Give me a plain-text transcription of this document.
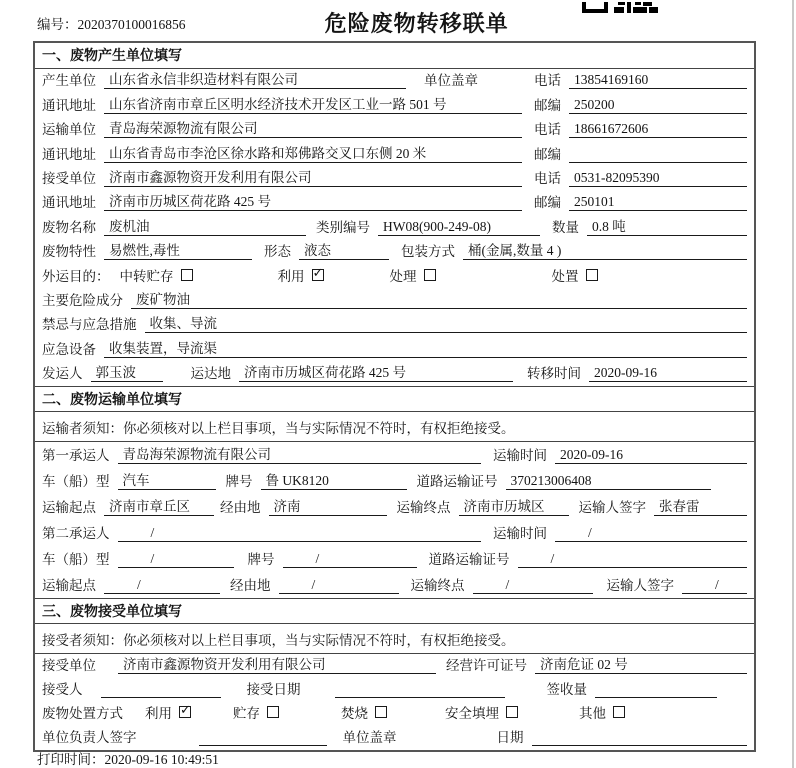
编号：2020370100016856	危险废物转移联单
一、废物产生单位填写
产生单位 山东省永信非织造材料有限公司	单位盖章	电话 13854169160
通讯地址 山东省济南市章丘区明水经济技术开发区工业一路 501 号	邮编 250200
运输单位 青岛海荣源物流有限公司	电话 18661672606
通讯地址 山东省青岛市李沧区徐水路和郑佛路交叉口东侧 20 米	邮编
接受单位 济南市鑫源物资开发利用有限公司	电话 0531-82095390
通讯地址 济南市历城区荷花路 425 号	邮编 250101
废物名称 废机油	类别编号 HW08(900-249-08)	数量 0.8 吨
废物特性 易燃性,毒性	形态 液态	包装方式 桶(金属,数量 4 )
外运目的： 中转贮存	利用 ✓	处理	处置
主要危险成分 废矿物油
禁忌与应急措施 收集、导流
应急设备 收集装置，导流渠
发运人 郭玉波	运达地 济南市历城区荷花路 425 号	转移时间 2020-09-16
二、废物运输单位填写
运输者须知：你必须核对以上栏目事项，当与实际情况不符时，有权拒绝接受。
第一承运人 青岛海荣源物流有限公司	运输时间 2020-09-16
车（船）型 汽车	牌号 鲁 UK8120	道路运输证号 370213006408
运输起点 济南市章丘区	经由地 济南	运输终点 济南市历城区	运输人签字 张春雷
第二承运人	/	运输时间	/
车（船）型	/	牌号	/	道路运输证号	/
运输起点	/	经由地	/	运输终点	/	运输人签字	/
三、废物接受单位填写
接受者须知：你必须核对以上栏目事项，当与实际情况不符时，有权拒绝接受。
接受单位	济南市鑫源物资开发利用有限公司	经营许可证号 济南危证 02 号
接受人	接受日期	签收量
废物处置方式 利用 ✓	贮存	焚烧	安全填埋	其他
单位负责人签字	单位盖章	日期
打印时间：2020-09-16 10:49:51
